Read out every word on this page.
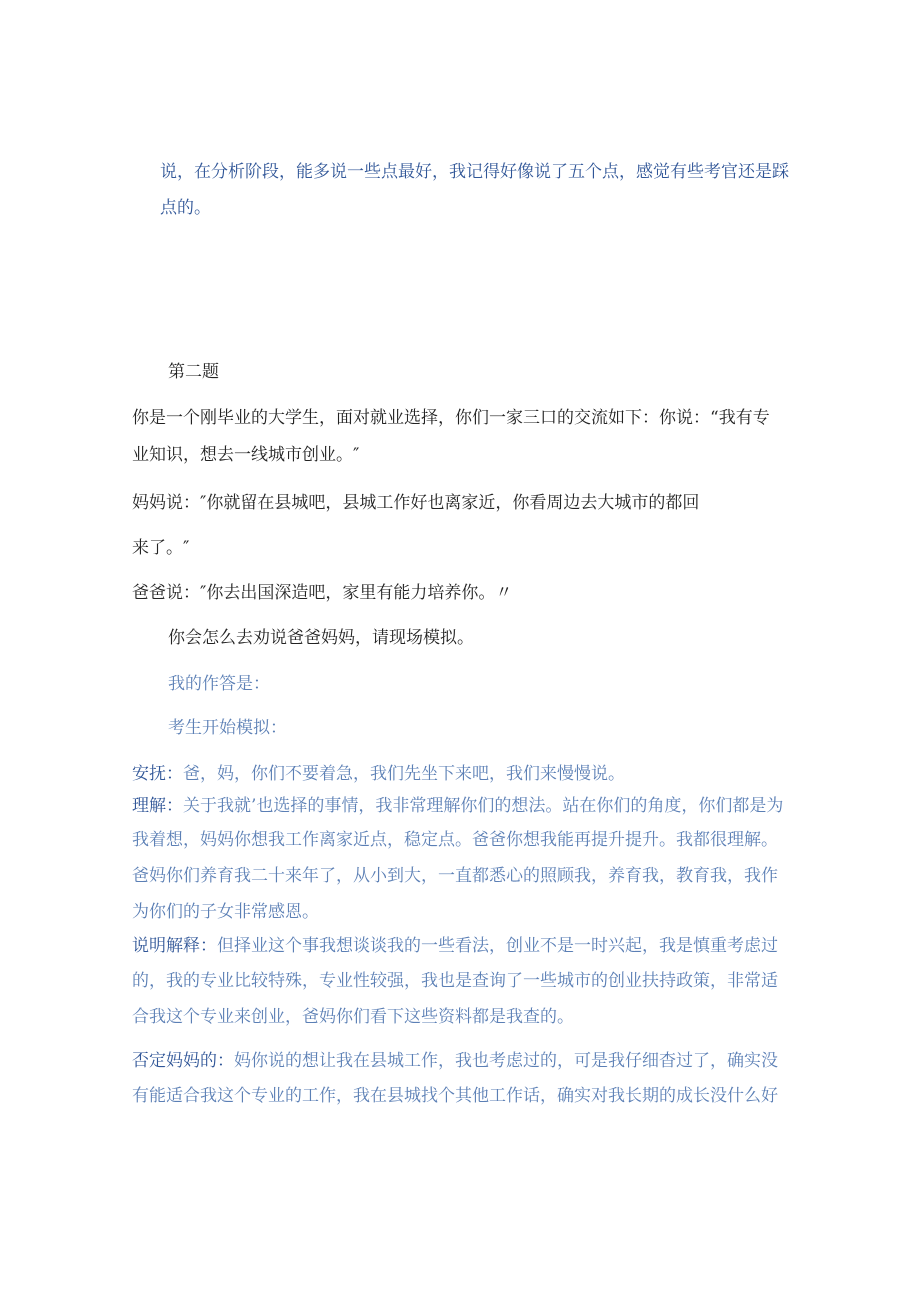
说，在分析阶段，能多说一些点最好，我记得好像说了五个点，感觉有些考官还是踩
点的。
第二题
你是一个刚毕业的大学生，面对就业选择，你们一家三口的交流如下：你说：“我有专
业知识，想去一线城市创业。″
妈妈说：″你就留在县城吧，县城工作好也离家近，你看周边去大城市的都回
来了。″
爸爸说：″你去出国深造吧，家里有能力培养你。〃
你会怎么去劝说爸爸妈妈，请现场模拟。
我的作答是：
考生开始模拟：
安抚：爸，妈，你们不要着急，我们先坐下来吧，我们来慢慢说。
理解：关于我就’也选择的事情，我非常理解你们的想法。站在你们的角度，你们都是为
我着想，妈妈你想我工作离家近点，稳定点。爸爸你想我能再提升提升。我都很理解。
爸妈你们养育我二十来年了，从小到大，一直都悉心的照顾我，养育我，教育我，我作
为你们的子女非常感恩。
说明解释：但择业这个事我想谈谈我的一些看法，创业不是一时兴起，我是慎重考虑过
的，我的专业比较特殊，专业性较强，我也是查询了一些城市的创业扶持政策，非常适
合我这个专业来创业，爸妈你们看下这些资料都是我查的。
否定妈妈的：妈你说的想让我在县城工作，我也考虑过的，可是我仔细杳过了，确实没
有能适合我这个专业的工作，我在县城找个其他工作话，确实对我长期的成长没什么好
